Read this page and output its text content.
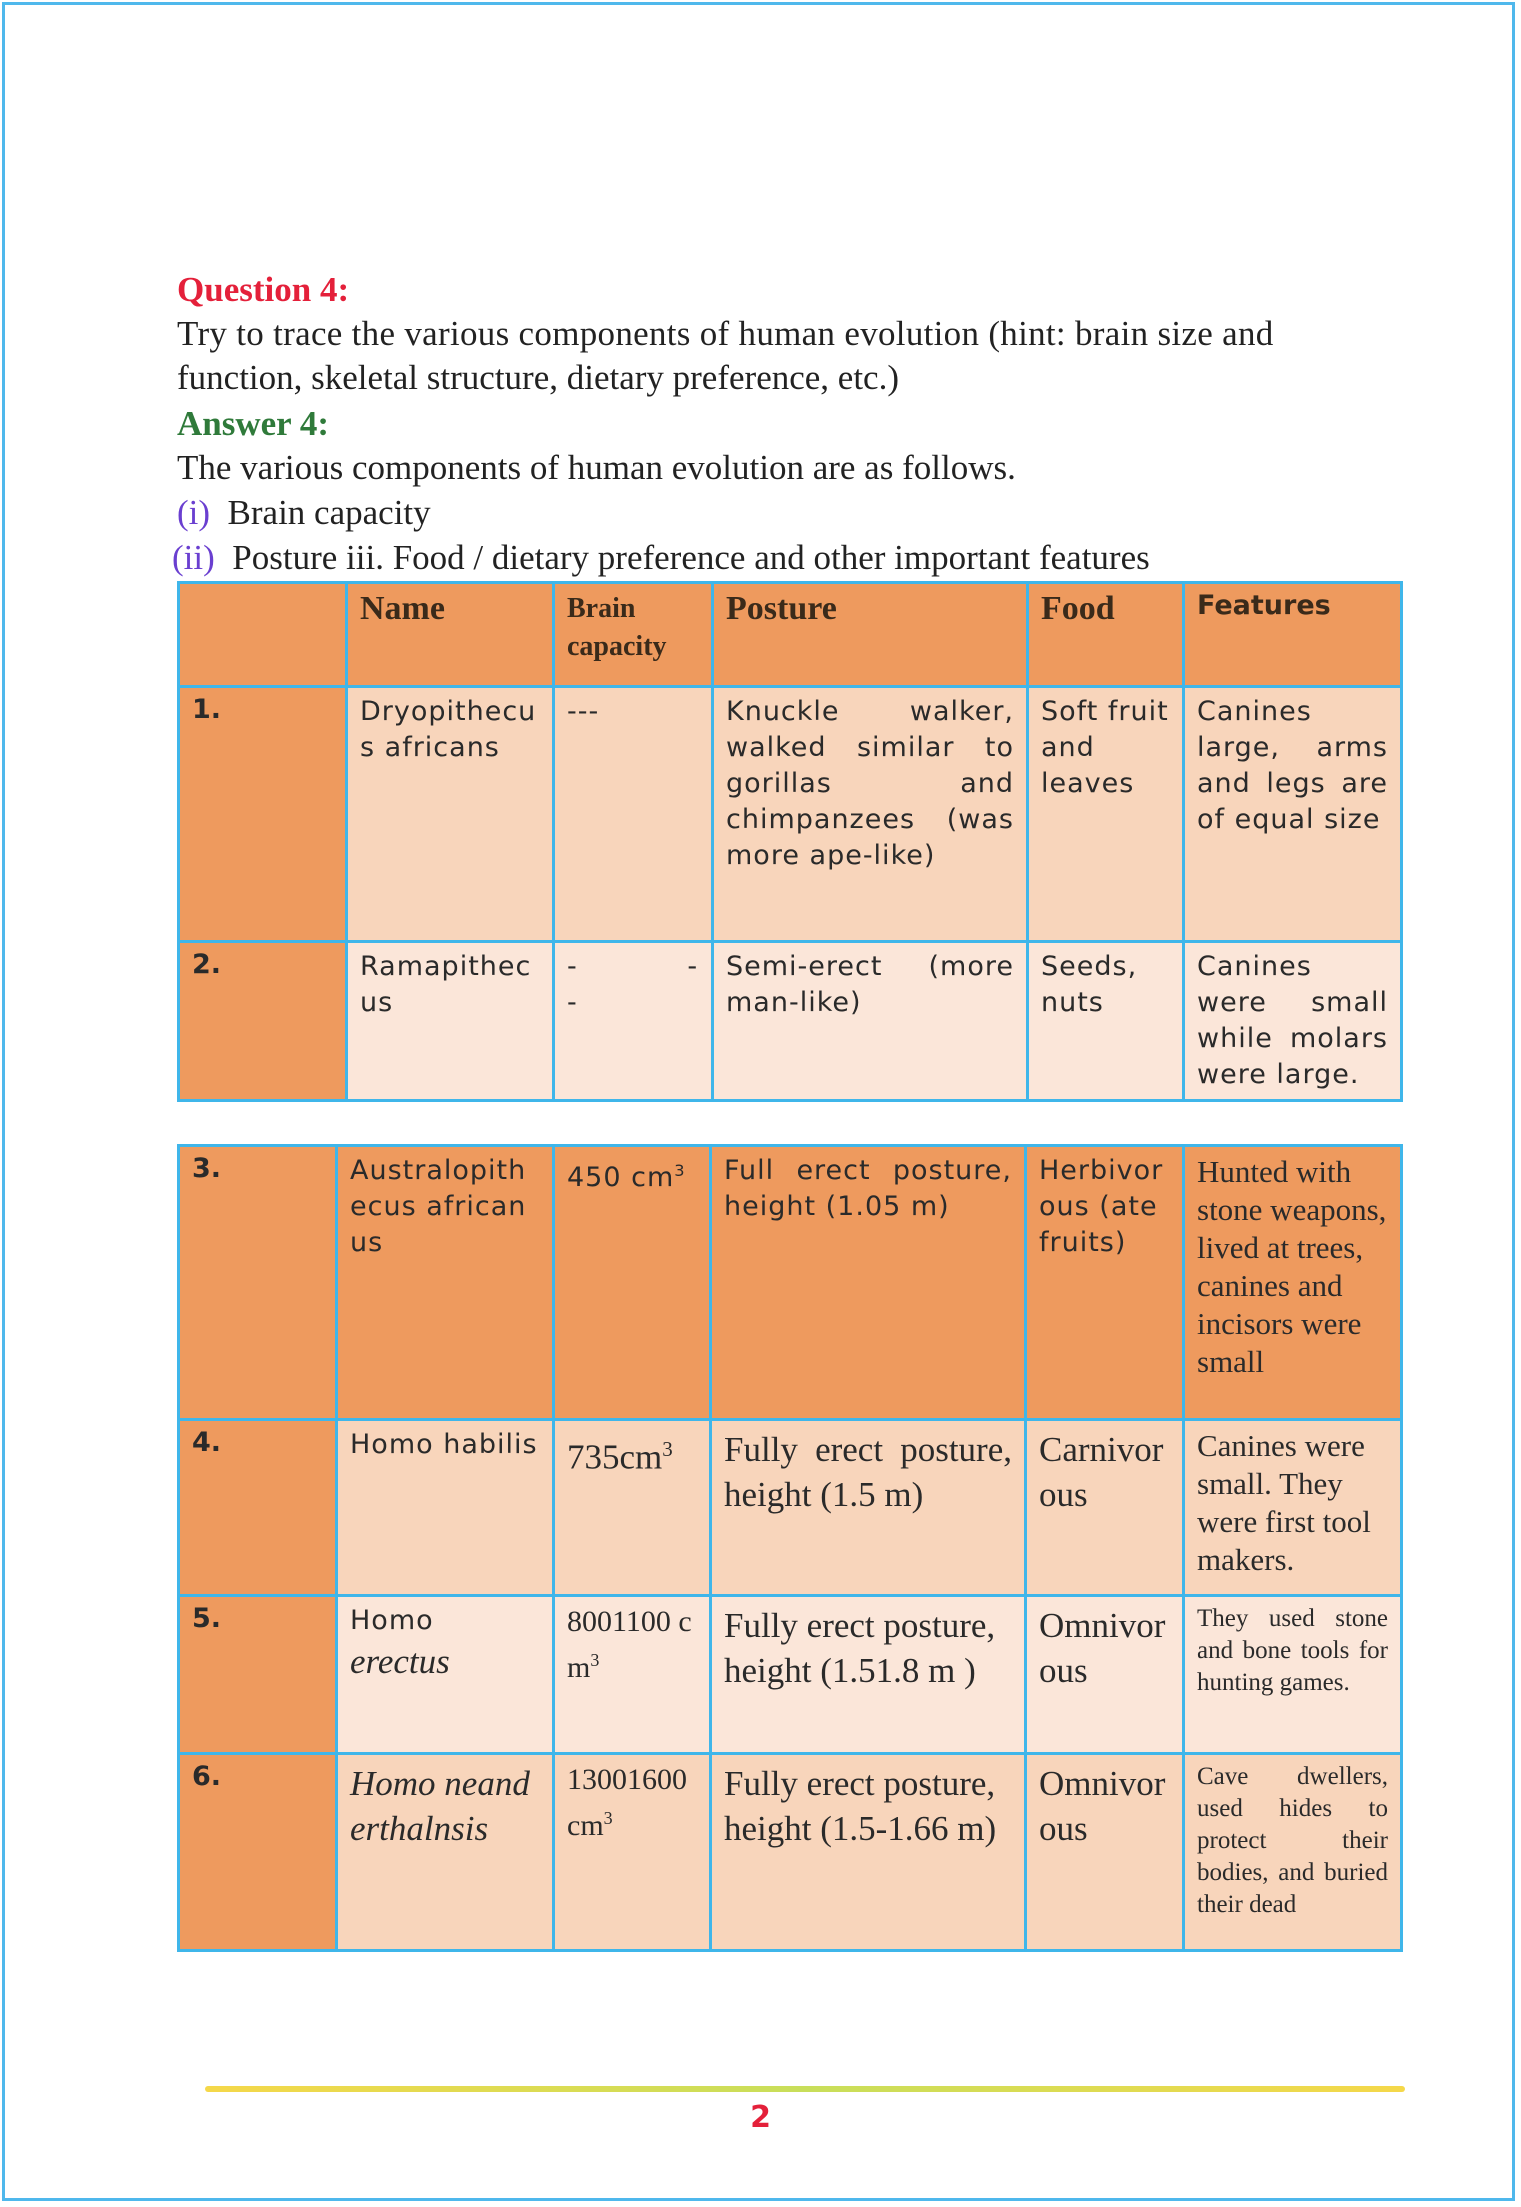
Question 4:
Try to trace the various components of human evolution (hint: brain size and
function, skeletal structure, dietary preference, etc.)
Answer 4:
The various components of human evolution are as follows.
(i) Brain capacity
(ii) Posture iii. Food / dietary preference and other important features
	Name	Brain capacity	Posture	Food	Features
1.	Dryopithecus africans	---	Knuckle walker, walked similar to gorillas and chimpanzees (was more ape-like)	Soft fruit and leaves	Canines large, arms and legs are of equal size
2.	Ramapithecus	- - -	Semi-erect (more man-like)	Seeds, nuts	Canines were small while molars were large.
3.	Australopithecus africanus	450 $cm^3$	Full erect posture, height (1.05 m)	Herbivorous (ate fruits)	Hunted with stone weapons, lived at trees, canines and incisors were small
4.	Homo habilis	$735cm^3$	Fully erect posture, height (1.5 m)	Carnivorous	Canines were small. They were first tool makers.
5.	Homo
erectus	8001100 $cm^3$	Fully erect posture, height (1.51.8 m )	Omnivorous	They used stone and bone tools for hunting games.
6.	Homo neanderthalnsis	13001600 $cm^3$	Fully erect posture, height (1.5-1.66 m)	Omnivorous	Cave dwellers, used hides to protect their bodies, and buried their dead
2
